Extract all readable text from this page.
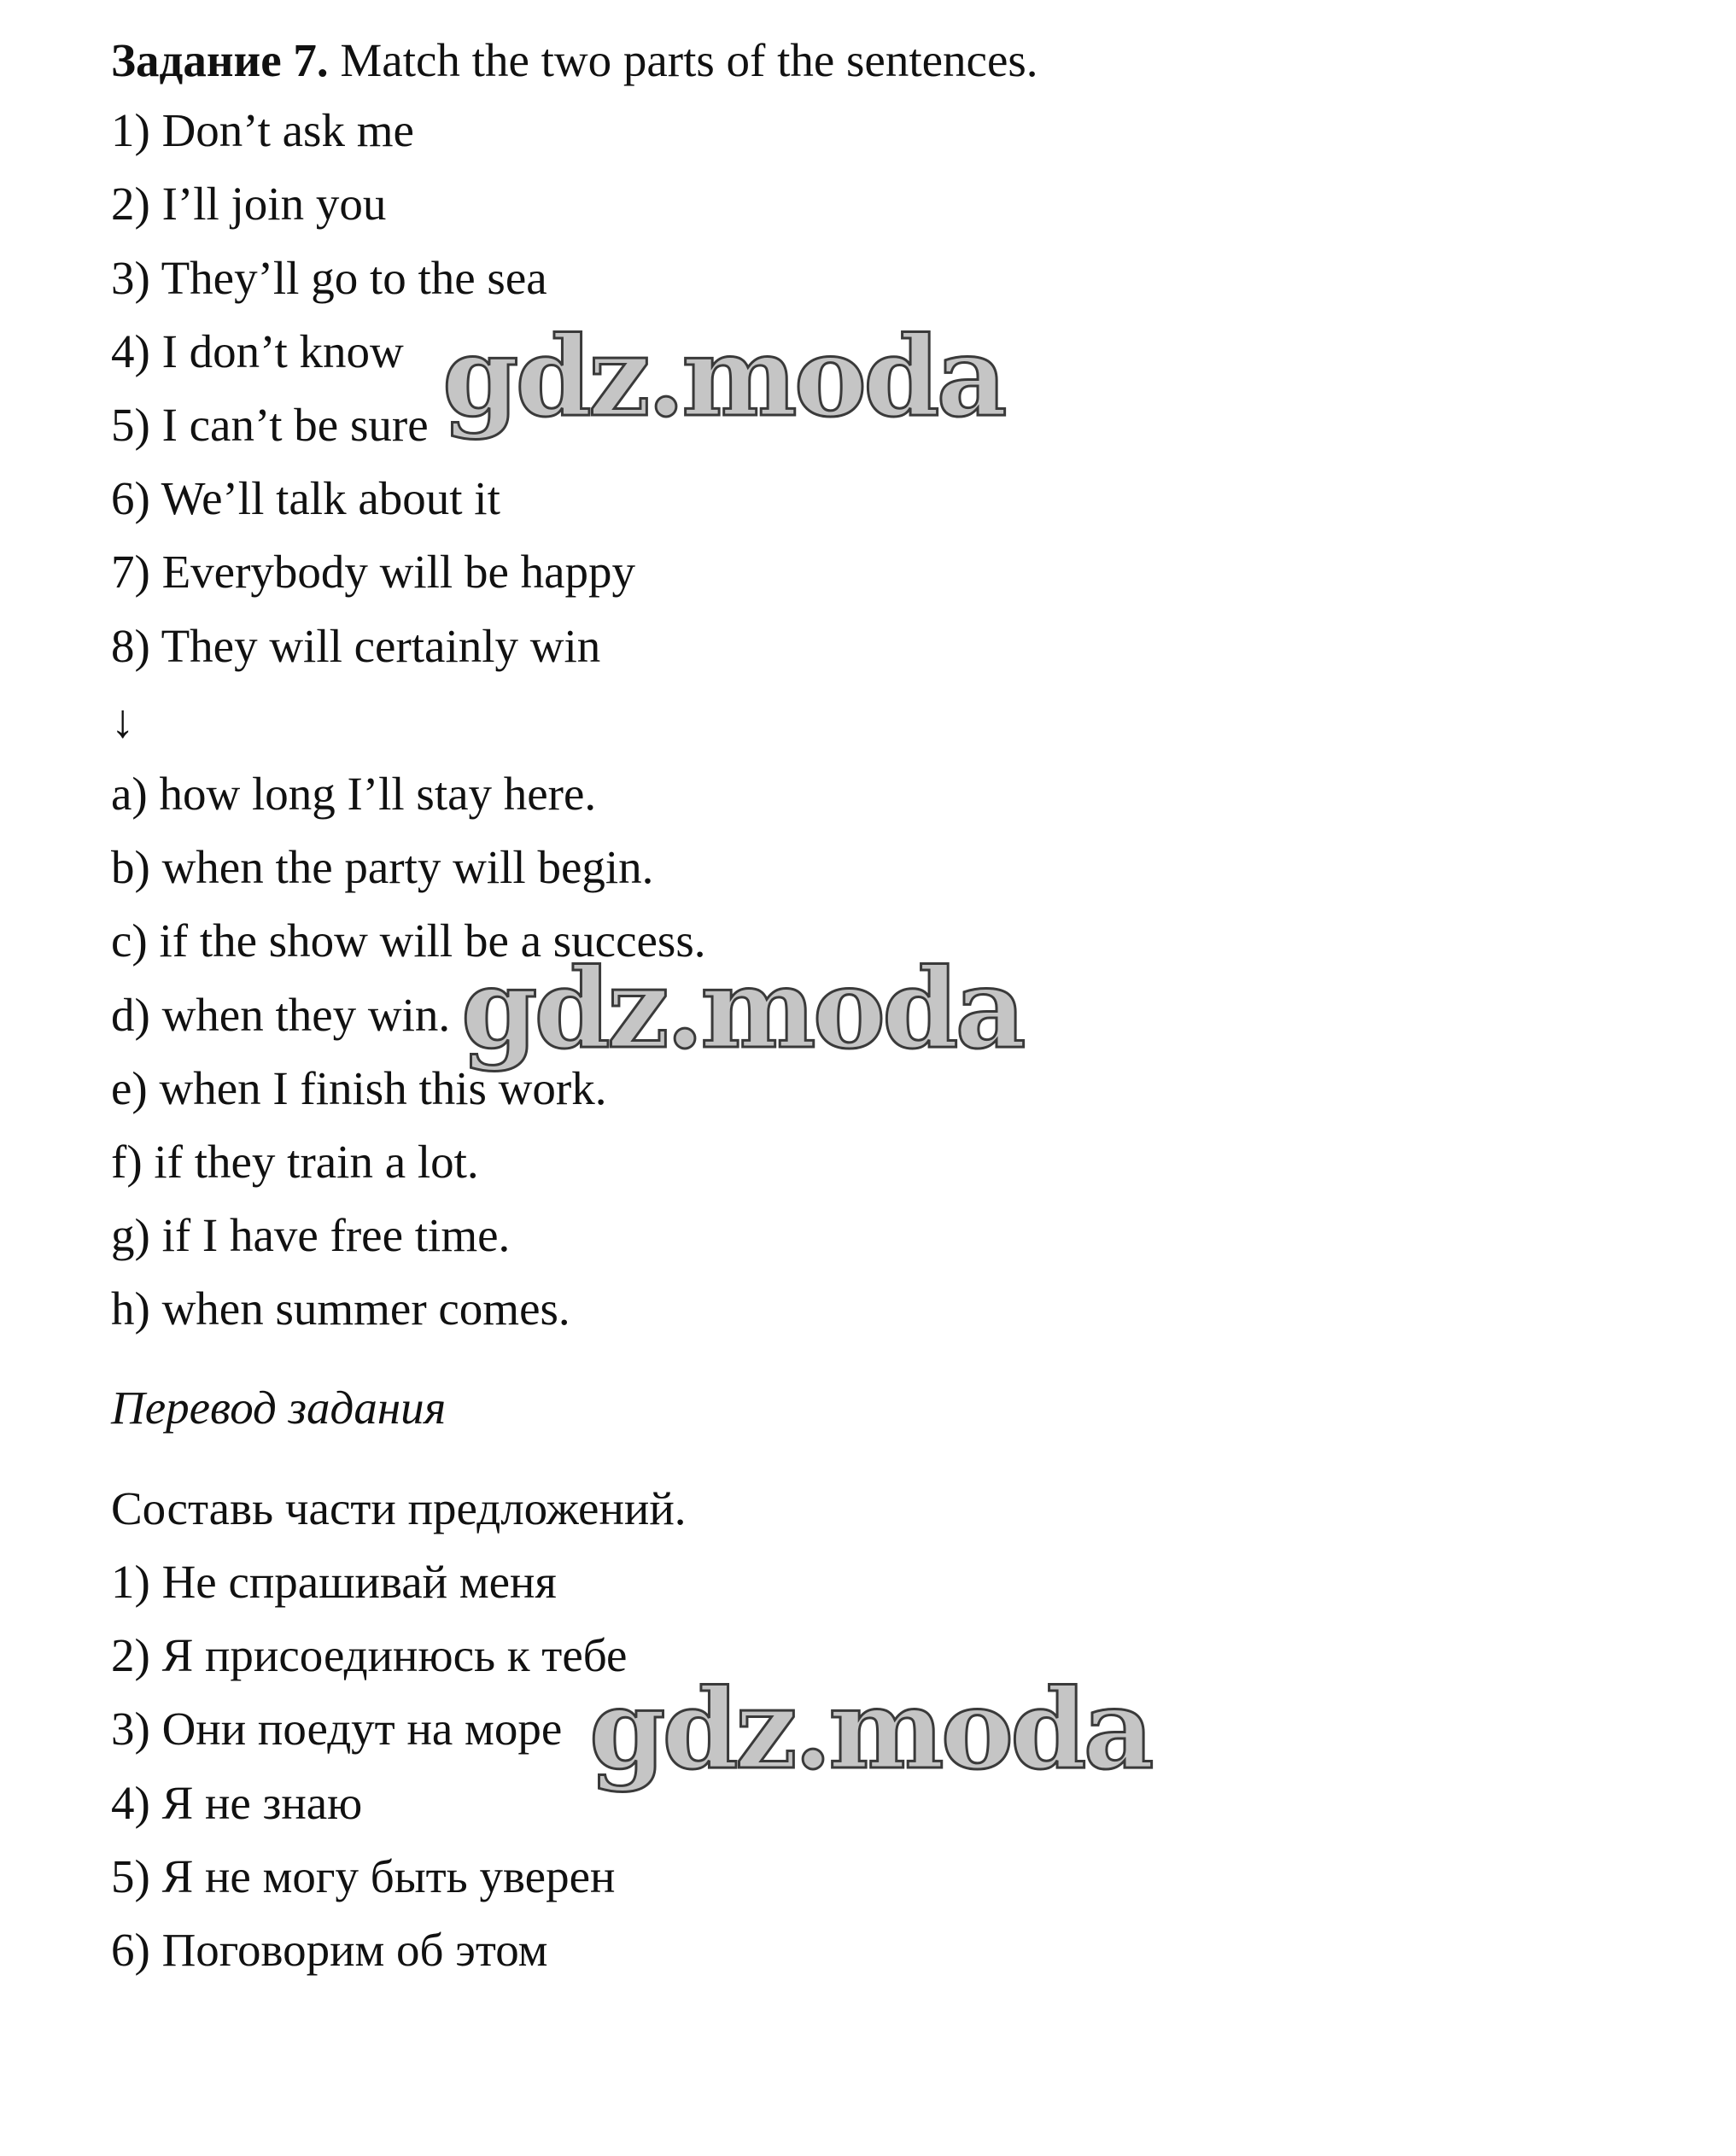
Задание 7. Match the two parts of the sentences.
1) Don’t ask me
2) I’ll join you
3) They’ll go to the sea
4) I don’t know
5) I can’t be sure
6) We’ll talk about it
7) Everybody will be happy
8) They will certainly win
↓
a) how long I’ll stay here.
b) when the party will begin.
c) if the show will be a success.
d) when they win.
e) when I finish this work.
f) if they train a lot.
g) if I have free time.
h) when summer comes.
Перевод задания
Составь части предложений.
1) Не спрашивай меня
2) Я присоединюсь к тебе
3) Они поедут на море
4) Я не знаю
5) Я не могу быть уверен
6) Поговорим об этом
gdz.moda
gdz.moda
gdz.moda
